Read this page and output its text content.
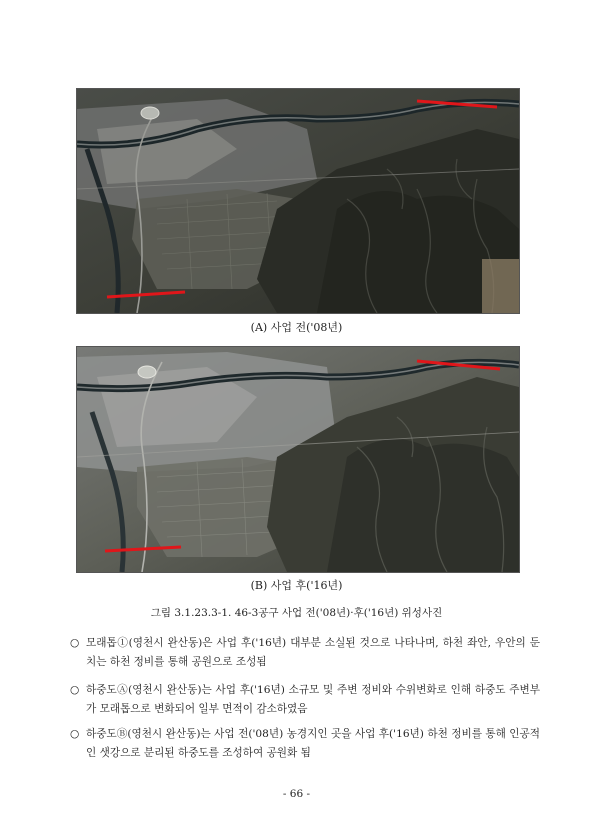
(A) 사업 전('08년)
(B) 사업 후('16년)
그림 3.1.23.3-1. 46-3공구 사업 전('08년)·후('16년) 위성사진
○ 모래톱①(영천시 완산동)은 사업 후('16년) 대부분 소실된 것으로 나타나며, 하천 좌안, 우안의 둔치는 하천 정비를 통해 공원으로 조성됨
○ 하중도Ⓐ(영천시 완산동)는 사업 후('16년) 소규모 및 주변 정비와 수위변화로 인해 하중도 주변부가 모래톱으로 변화되어 일부 면적이 감소하였음
○ 하중도Ⓑ(영천시 완산동)는 사업 전('08년) 농경지인 곳을 사업 후('16년) 하천 정비를 통해 인공적인 샛강으로 분리된 하중도를 조성하여 공원화 됨
- 66 -
